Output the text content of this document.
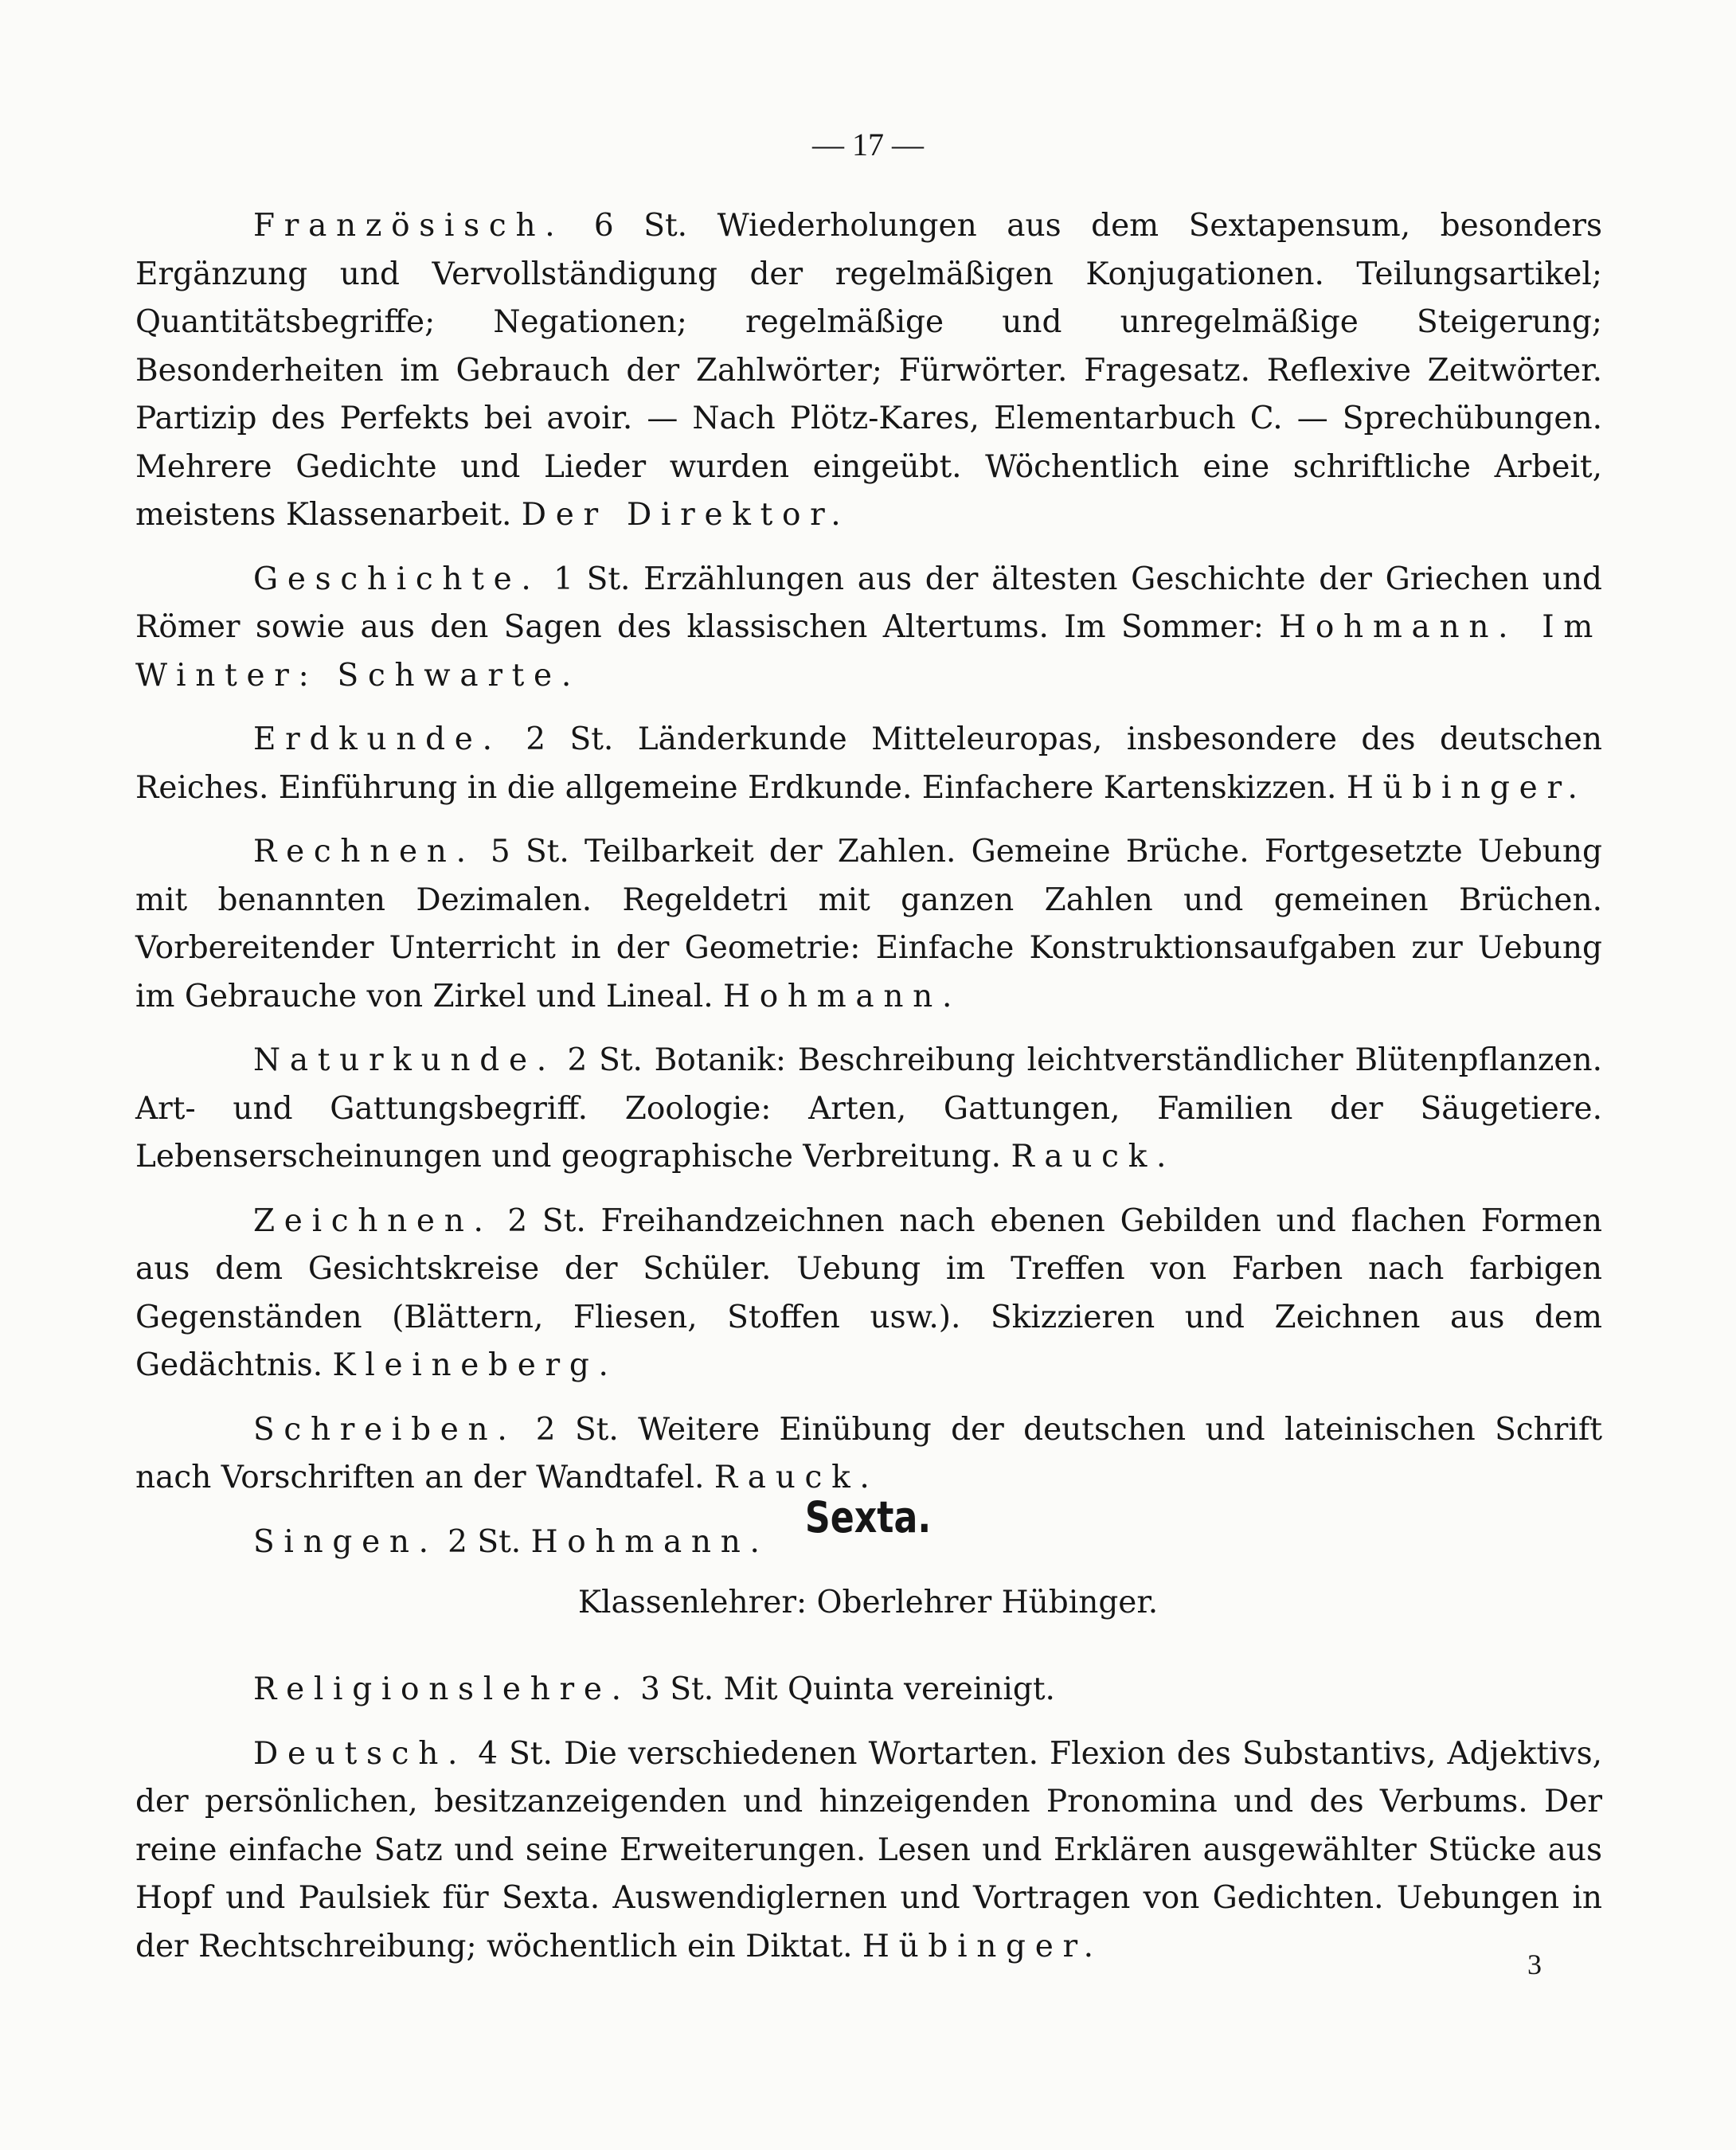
— 17 —

Französisch. 6 St. Wiederholungen aus dem Sextapensum, besonders Ergänzung und Vervollständigung der regelmäßigen Konjugationen. Teilungsartikel; Quantitätsbegriffe; Negationen; regelmäßige und unregelmäßige Steigerung; Besonderheiten im Gebrauch der Zahlwörter; Fürwörter. Fragesatz. Reflexive Zeitwörter. Partizip des Perfekts bei avoir. — Nach Plötz-Kares, Elementarbuch C. — Sprechübungen. Mehrere Gedichte und Lieder wurden eingeübt. Wöchentlich eine schriftliche Arbeit, meistens Klassenarbeit. Der Direktor.

Geschichte. 1 St. Erzählungen aus der ältesten Geschichte der Griechen und Römer sowie aus den Sagen des klassischen Altertums. Im Sommer: Hohmann. Im Winter: Schwarte.

Erdkunde. 2 St. Länderkunde Mitteleuropas, insbesondere des deutschen Reiches. Einführung in die allgemeine Erdkunde. Einfachere Kartenskizzen. Hübinger.

Rechnen. 5 St. Teilbarkeit der Zahlen. Gemeine Brüche. Fortgesetzte Uebung mit benannten Dezimalen. Regeldetri mit ganzen Zahlen und gemeinen Brüchen. Vorbereitender Unterricht in der Geometrie: Einfache Konstruktionsaufgaben zur Uebung im Gebrauche von Zirkel und Lineal. Hohmann.

Naturkunde. 2 St. Botanik: Beschreibung leichtverständlicher Blütenpflanzen. Art- und Gattungsbegriff. Zoologie: Arten, Gattungen, Familien der Säugetiere. Lebenserscheinungen und geographische Verbreitung. Rauck.

Zeichnen. 2 St. Freihandzeichnen nach ebenen Gebilden und flachen Formen aus dem Gesichtskreise der Schüler. Uebung im Treffen von Farben nach farbigen Gegenständen (Blättern, Fliesen, Stoffen usw.). Skizzieren und Zeichnen aus dem Gedächtnis. Kleineberg.

Schreiben. 2 St. Weitere Einübung der deutschen und lateinischen Schrift nach Vorschriften an der Wandtafel. Rauck.

Singen. 2 St. Hohmann. Sexta.
Klassenlehrer: Oberlehrer Hübinger.

Religionslehre. 3 St. Mit Quinta vereinigt.

Deutsch. 4 St. Die verschiedenen Wortarten. Flexion des Substantivs, Adjektivs, der persönlichen, besitzanzeigenden und hinzeigenden Pronomina und des Verbums. Der reine einfache Satz und seine Erweiterungen. Lesen und Erklären ausgewählter Stücke aus Hopf und Paulsiek für Sexta. Auswendiglernen und Vortragen von Gedichten. Uebungen in der Rechtschreibung; wöchentlich ein Diktat. Hübinger.

3
